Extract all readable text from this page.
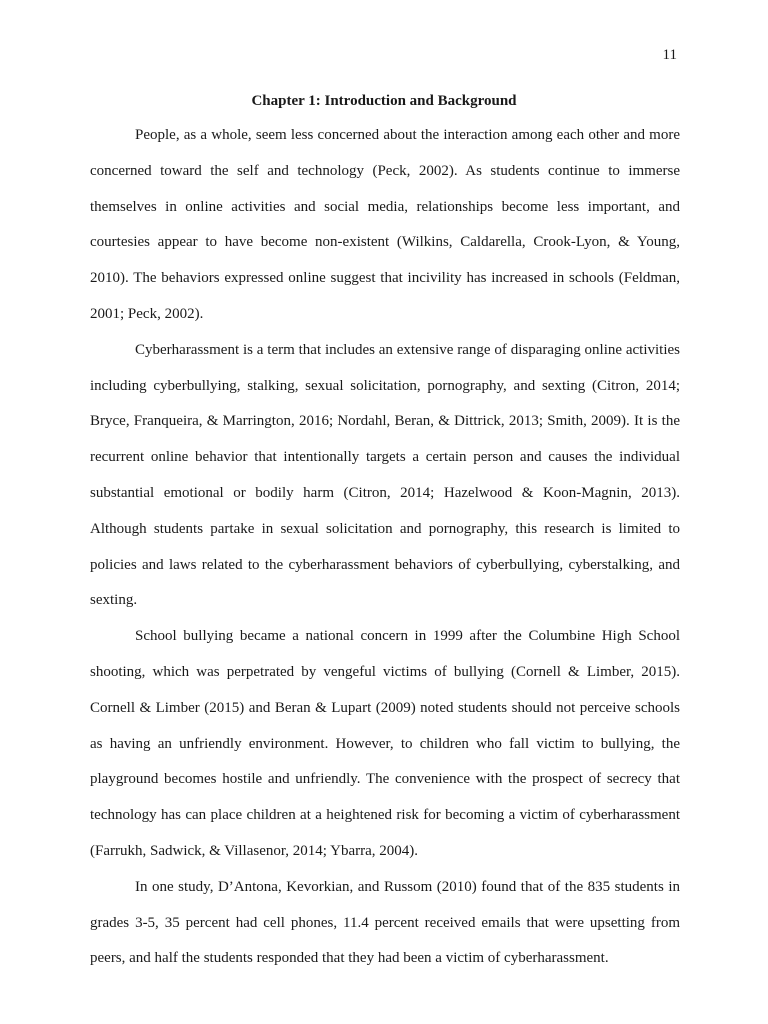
11
Chapter 1: Introduction and Background

People, as a whole, seem less concerned about the interaction among each other and more concerned toward the self and technology (Peck, 2002). As students continue to immerse themselves in online activities and social media, relationships become less important, and courtesies appear to have become non-existent (Wilkins, Caldarella, Crook-Lyon, & Young, 2010). The behaviors expressed online suggest that incivility has increased in schools (Feldman, 2001; Peck, 2002).

Cyberharassment is a term that includes an extensive range of disparaging online activities including cyberbullying, stalking, sexual solicitation, pornography, and sexting (Citron, 2014; Bryce, Franqueira, & Marrington, 2016; Nordahl, Beran, & Dittrick, 2013; Smith, 2009). It is the recurrent online behavior that intentionally targets a certain person and causes the individual substantial emotional or bodily harm (Citron, 2014; Hazelwood & Koon-Magnin, 2013). Although students partake in sexual solicitation and pornography, this research is limited to policies and laws related to the cyberharassment behaviors of cyberbullying, cyberstalking, and sexting.

School bullying became a national concern in 1999 after the Columbine High School shooting, which was perpetrated by vengeful victims of bullying (Cornell & Limber, 2015). Cornell & Limber (2015) and Beran & Lupart (2009) noted students should not perceive schools as having an unfriendly environment. However, to children who fall victim to bullying, the playground becomes hostile and unfriendly. The convenience with the prospect of secrecy that technology has can place children at a heightened risk for becoming a victim of cyberharassment (Farrukh, Sadwick, & Villasenor, 2014; Ybarra, 2004).

In one study, D’Antona, Kevorkian, and Russom (2010) found that of the 835 students in grades 3-5, 35 percent had cell phones, 11.4 percent received emails that were upsetting from peers, and half the students responded that they had been a victim of cyberharassment.
